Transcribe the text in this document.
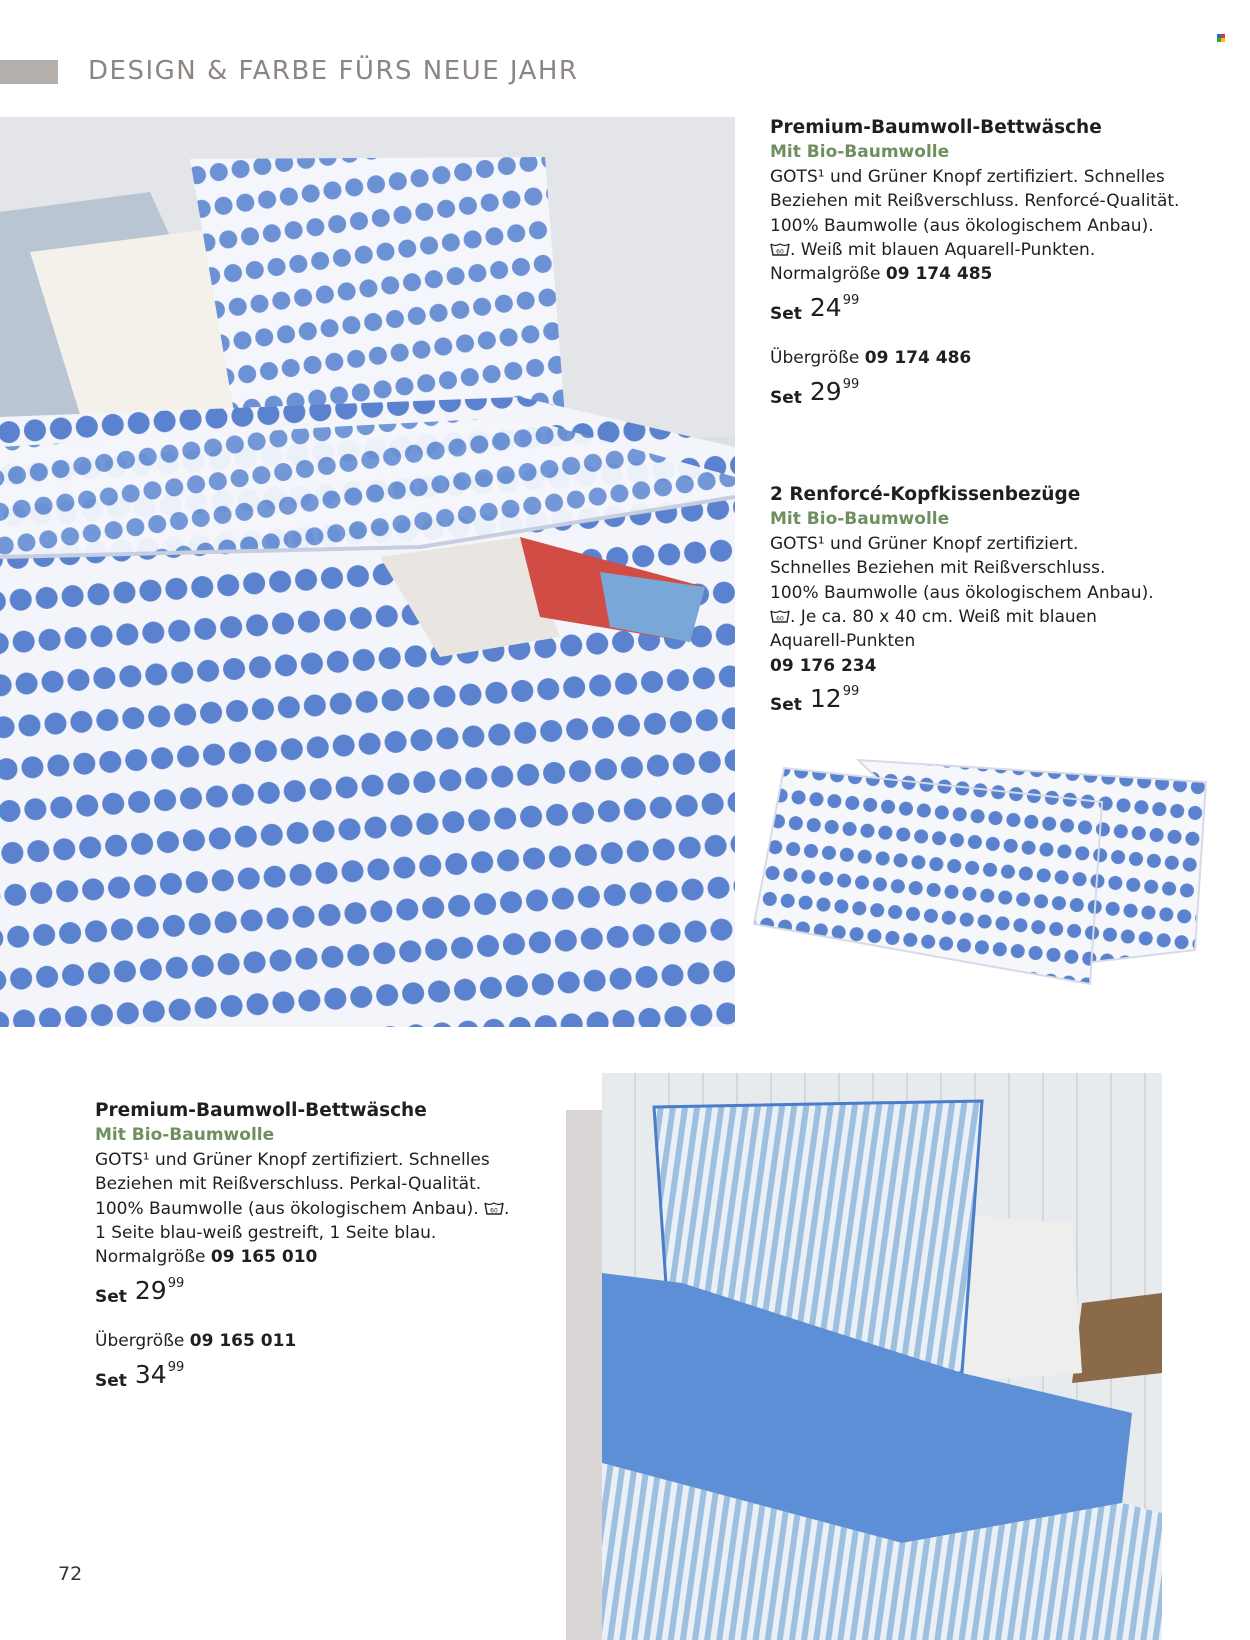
DESIGN & FARBE FÜRS NEUE JAHR
Premium-Baumwoll-Bettwäsche
Mit Bio-Baumwolle
GOTS¹ und Grüner Knopf zertifiziert. Schnelles
Beziehen mit Reißverschluss. Renforcé-Qualität.
100% Baumwolle (aus ökologischem Anbau).
60 . Weiß mit blauen Aquarell-Punkten.
Normalgröße 09 174 485
Set 24 99
Übergröße 09 174 486
Set 29 99
2 Renforcé-Kopfkissenbezüge
Mit Bio-Baumwolle
GOTS¹ und Grüner Knopf zertifiziert.
Schnelles Beziehen mit Reißverschluss.
100% Baumwolle (aus ökologischem Anbau).
60 . Je ca. 80 x 40 cm. Weiß mit blauen
Aquarell-Punkten
09 176 234
Set 12 99
Premium-Baumwoll-Bettwäsche
Mit Bio-Baumwolle
GOTS¹ und Grüner Knopf zertifiziert. Schnelles
Beziehen mit Reißverschluss. Perkal-Qualität.
100% Baumwolle (aus ökologischem Anbau). 60 .
1 Seite blau-weiß gestreift, 1 Seite blau.
Normalgröße 09 165 010
Set 29 99
Übergröße 09 165 011
Set 34 99
72
